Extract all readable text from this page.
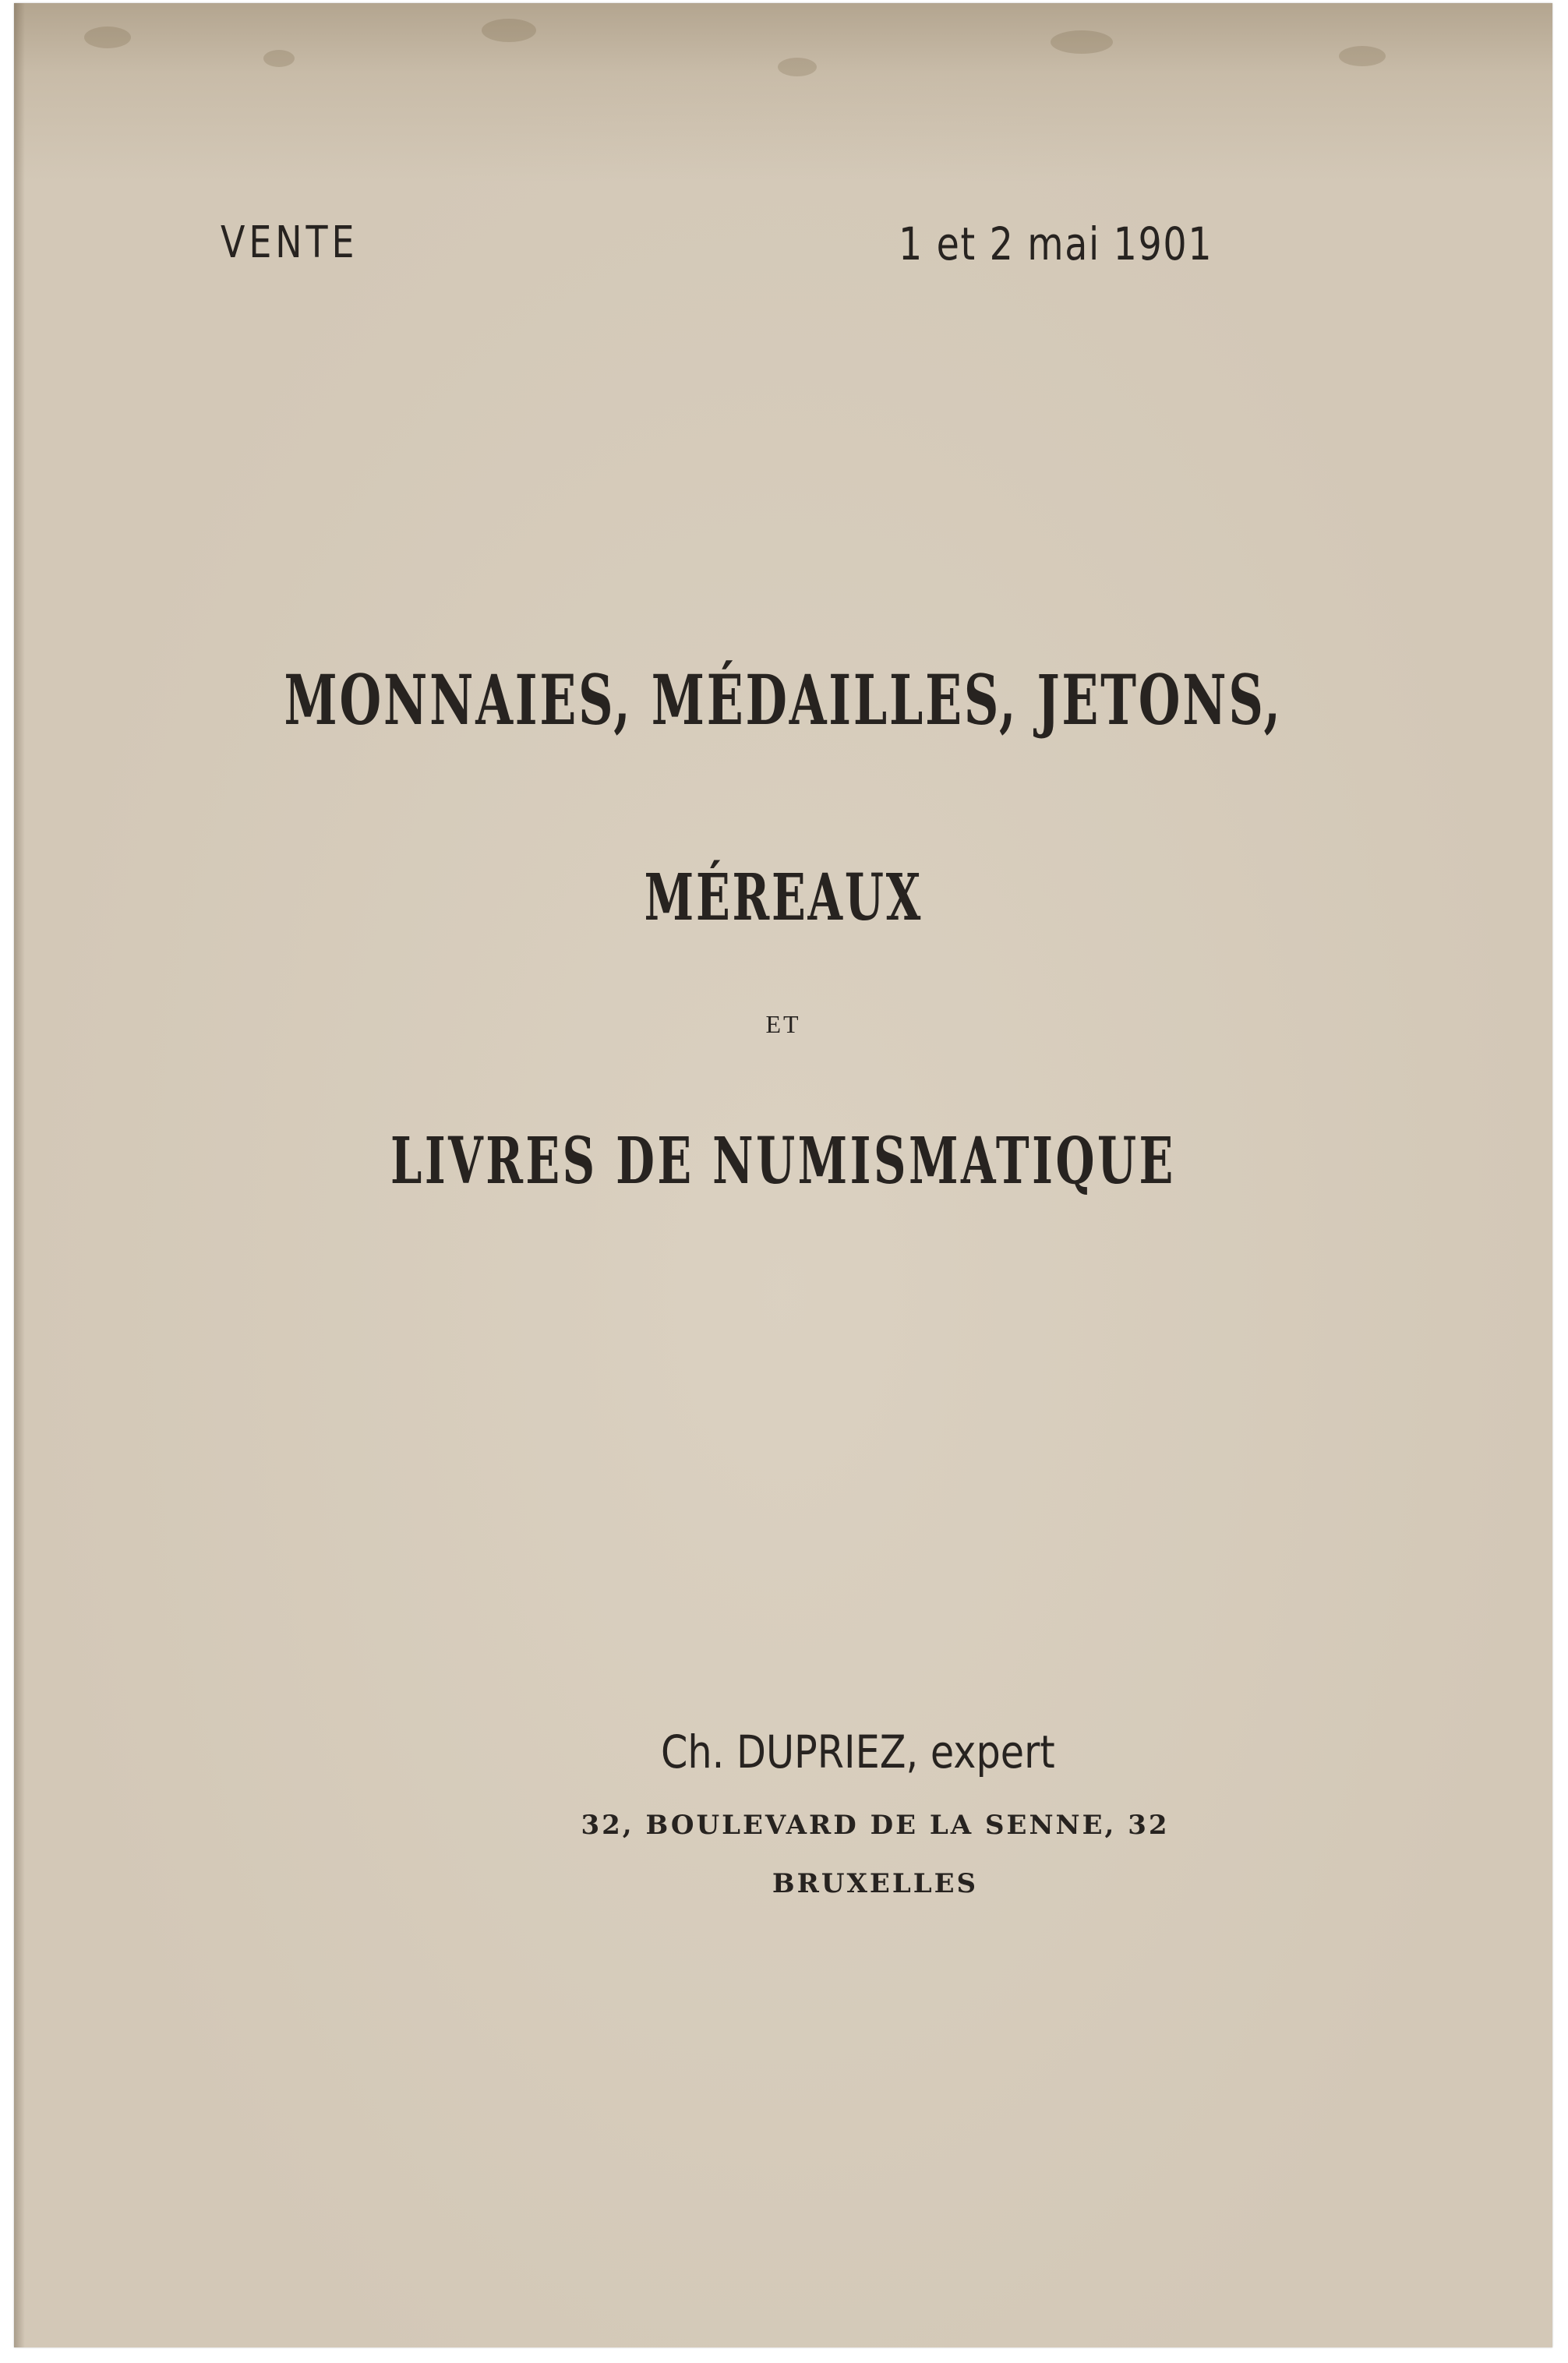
VENTE	1 et 2 mai 1901
MONNAIES, MÉDAILLES, JETONS,
MÉREAUX
ET
LIVRES DE NUMISMATIQUE
Ch. DUPRIEZ, expert
32, BOULEVARD DE LA SENNE, 32
BRUXELLES
